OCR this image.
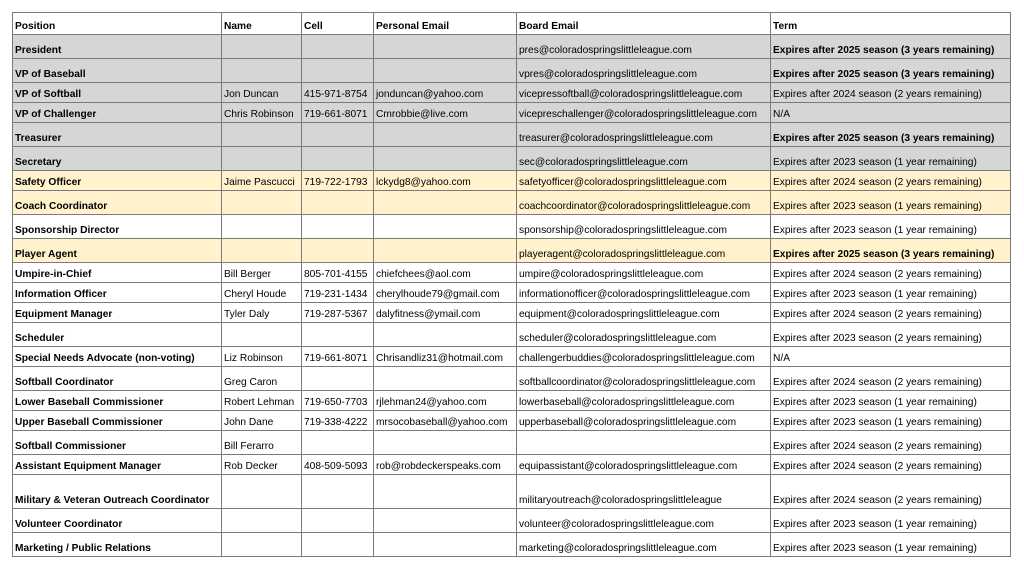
Position	Name	Cell	Personal Email	Board Email	Term
President				pres@coloradospringslittleleague.com	Expires after 2025 season (3 years remaining)
VP of Baseball				vpres@coloradospringslittleleague.com	Expires after 2025 season (3 years remaining)
VP of Softball	Jon Duncan	415-971-8754	jonduncan@yahoo.com	vicepressoftball@coloradospringslittleleague.com	Expires after 2024 season (2 years remaining)
VP of Challenger	Chris Robinson	719-661-8071	Cmrobbie@live.com	vicepreschallenger@coloradospringslittleleague.com	N/A
Treasurer				treasurer@coloradospringslittleleague.com	Expires after 2025 season (3 years remaining)
Secretary				sec@coloradospringslittleleague.com	Expires after 2023 season (1 year remaining)
Safety Officer	Jaime Pascucci	719-722-1793	lckydg8@yahoo.com	safetyofficer@coloradospringslittleleague.com	Expires after 2024 season (2 years remaining)
Coach Coordinator				coachcoordinator@coloradospringslittleleague.com	Expires after 2023 season (1 years remaining)
Sponsorship Director				sponsorship@coloradospringslittleleague.com	Expires after 2023 season (1 year remaining)
Player Agent				playeragent@coloradospringslittleleague.com	Expires after 2025 season (3 years remaining)
Umpire-in-Chief	Bill Berger	805-701-4155	chiefchees@aol.com	umpire@coloradospringslittleleague.com	Expires after 2024 season (2 years remaining)
Information Officer	Cheryl Houde	719-231-1434	cherylhoude79@gmail.com	informationofficer@coloradospringslittleleague.com	Expires after 2023 season (1 year remaining)
Equipment Manager	Tyler Daly	719-287-5367	dalyfitness@ymail.com	equipment@coloradospringslittleleague.com	Expires after 2024 season (2 years remaining)
Scheduler				scheduler@coloradospringslittleleague.com	Expires after 2023 season (2 years remaining)
Special Needs Advocate (non-voting)	Liz Robinson	719-661-8071	Chrisandliz31@hotmail.com	challengerbuddies@coloradospringslittleleague.com	N/A
Softball Coordinator	Greg Caron			softballcoordinator@coloradospringslittleleague.com	Expires after 2024 season (2 years remaining)
Lower Baseball Commissioner	Robert Lehman	719-650-7703	rjlehman24@yahoo.com	lowerbaseball@coloradospringslittleleague.com	Expires after 2023 season (1 year remaining)
Upper Baseball Commissioner	John Dane	719-338-4222	mrsocobaseball@yahoo.com	upperbaseball@coloradospringslittleleague.com	Expires after 2023 season (1 years remaining)
Softball Commissioner	Bill Ferarro				Expires after 2024 season (2 years remaining)
Assistant Equipment Manager	Rob Decker	408-509-5093	rob@robdeckerspeaks.com	equipassistant@coloradospringslittleleague.com	Expires after 2024 season (2 years remaining)
Military & Veteran Outreach Coordinator				militaryoutreach@coloradospringslittleleague	Expires after 2024 season (2 years remaining)
Volunteer Coordinator				volunteer@coloradospringslittleleague.com	Expires after 2023 season (1 year remaining)
Marketing / Public Relations				marketing@coloradospringslittleleague.com	Expires after 2023 season (1 year remaining)
